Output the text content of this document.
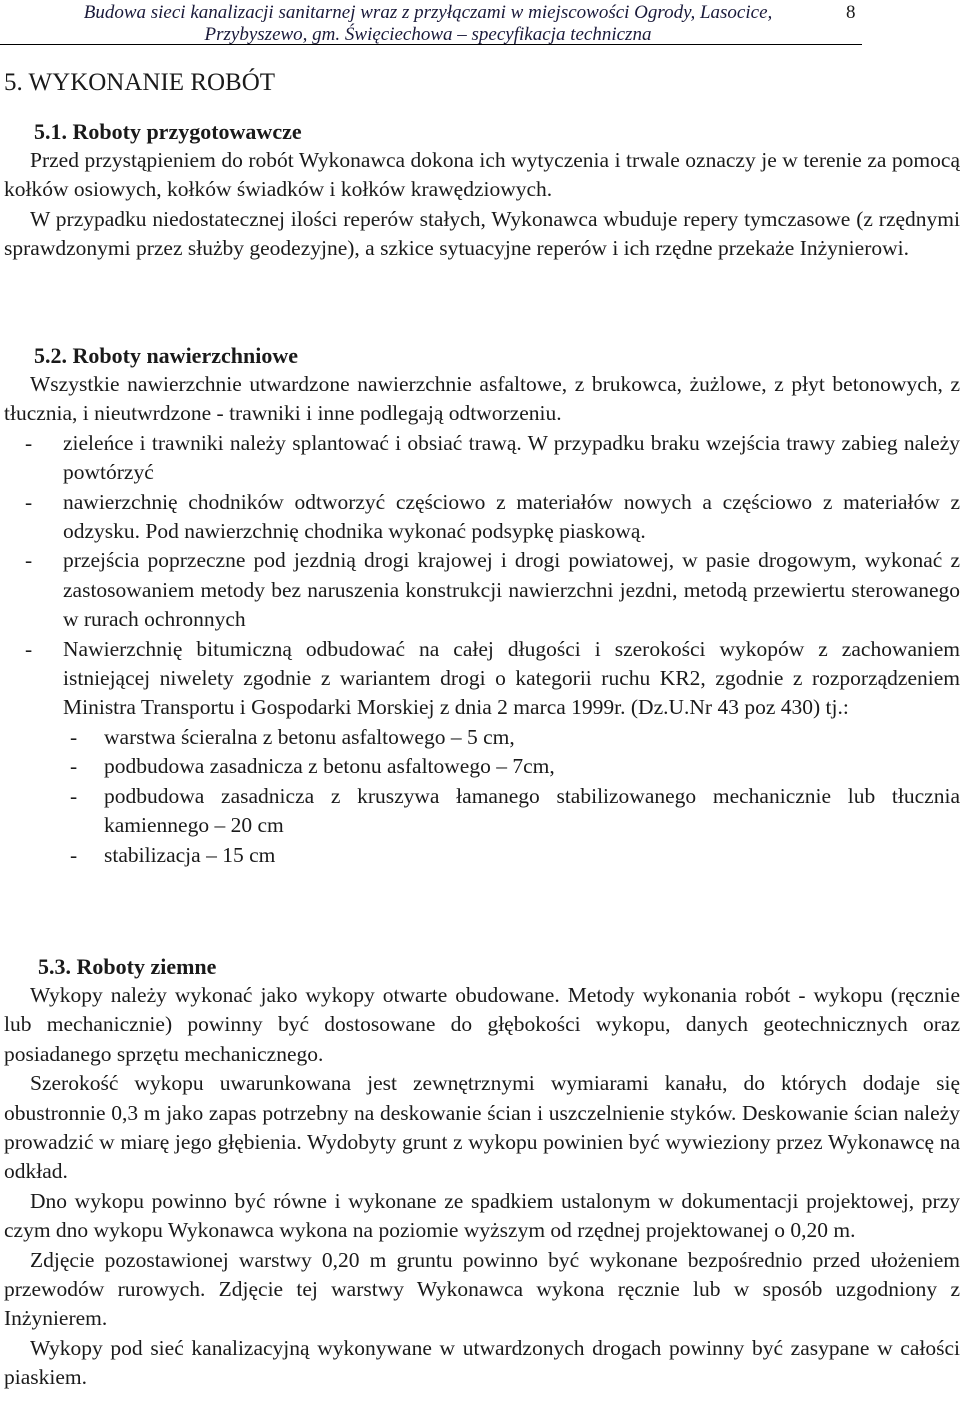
Budowa sieci kanalizacji sanitarnej wraz z przyłączami w miejscowości Ogrody, Lasocice,
Przybyszewo, gm. Święciechowa – specyfikacja techniczna
8
5. WYKONANIE ROBÓT
5.1. Roboty przygotowawcze

Przed przystąpieniem do robót Wykonawca dokona ich wytyczenia i trwale oznaczy je w terenie za pomocą kołków osiowych, kołków świadków i kołków krawędziowych.

W przypadku niedostatecznej ilości reperów stałych, Wykonawca wbuduje repery tymczasowe (z rzędnymi sprawdzonymi przez służby geodezyjne), a szkice sytuacyjne reperów i ich rzędne przekaże Inżynierowi.

5.2. Roboty nawierzchniowe

Wszystkie nawierzchnie utwardzone nawierzchnie asfaltowe, z brukowca, żużlowe, z płyt betonowych, z tłucznia, i nieutwrdzone - trawniki i inne podlegają odtworzeniu.

- zieleńce i trawniki należy splantować i obsiać trawą. W przypadku braku wzejścia trawy zabieg należy powtórzyć
- nawierzchnię chodników odtworzyć częściowo z materiałów nowych a częściowo z materiałów z odzysku. Pod nawierzchnię chodnika wykonać podsypkę piaskową.
- przejścia poprzeczne pod jezdnią drogi krajowej i drogi powiatowej, w pasie drogowym, wykonać z zastosowaniem metody bez naruszenia konstrukcji nawierzchni jezdni, metodą przewiertu sterowanego w rurach ochronnych
- Nawierzchnię bitumiczną odbudować na całej długości i szerokości wykopów z zachowaniem istniejącej niwelety zgodnie z wariantem drogi o kategorii ruchu KR2, zgodnie z rozporządzeniem Ministra Transportu i Gospodarki Morskiej z dnia 2 marca 1999r. (Dz.U.Nr 43 poz 430) tj.:
- warstwa ścieralna z betonu asfaltowego – 5 cm,
- podbudowa zasadnicza z betonu asfaltowego – 7cm,
- podbudowa zasadnicza z kruszywa łamanego stabilizowanego mechanicznie lub tłucznia kamiennego – 20 cm
- stabilizacja – 15 cm
5.3. Roboty ziemne

Wykopy należy wykonać jako wykopy otwarte obudowane. Metody wykonania robót - wykopu (ręcznie lub mechanicznie) powinny być dostosowane do głębokości wykopu, danych geotechnicznych oraz posiadanego sprzętu mechanicznego.

Szerokość wykopu uwarunkowana jest zewnętrznymi wymiarami kanału, do których dodaje się obustronnie 0,3 m jako zapas potrzebny na deskowanie ścian i uszczelnienie styków. Deskowanie ścian należy prowadzić w miarę jego głębienia. Wydobyty grunt z wykopu powinien być wywieziony przez Wykonawcę na odkład.

Dno wykopu powinno być równe i wykonane ze spadkiem ustalonym w dokumentacji projektowej, przy czym dno wykopu Wykonawca wykona na poziomie wyższym od rzędnej projektowanej o 0,20 m.

Zdjęcie pozostawionej warstwy 0,20 m gruntu powinno być wykonane bezpośrednio przed ułożeniem przewodów rurowych. Zdjęcie tej warstwy Wykonawca wykona ręcznie lub w sposób uzgodniony z Inżynierem.

Wykopy pod sieć kanalizacyjną wykonywane w utwardzonych drogach powinny być zasypane w całości piaskiem.
